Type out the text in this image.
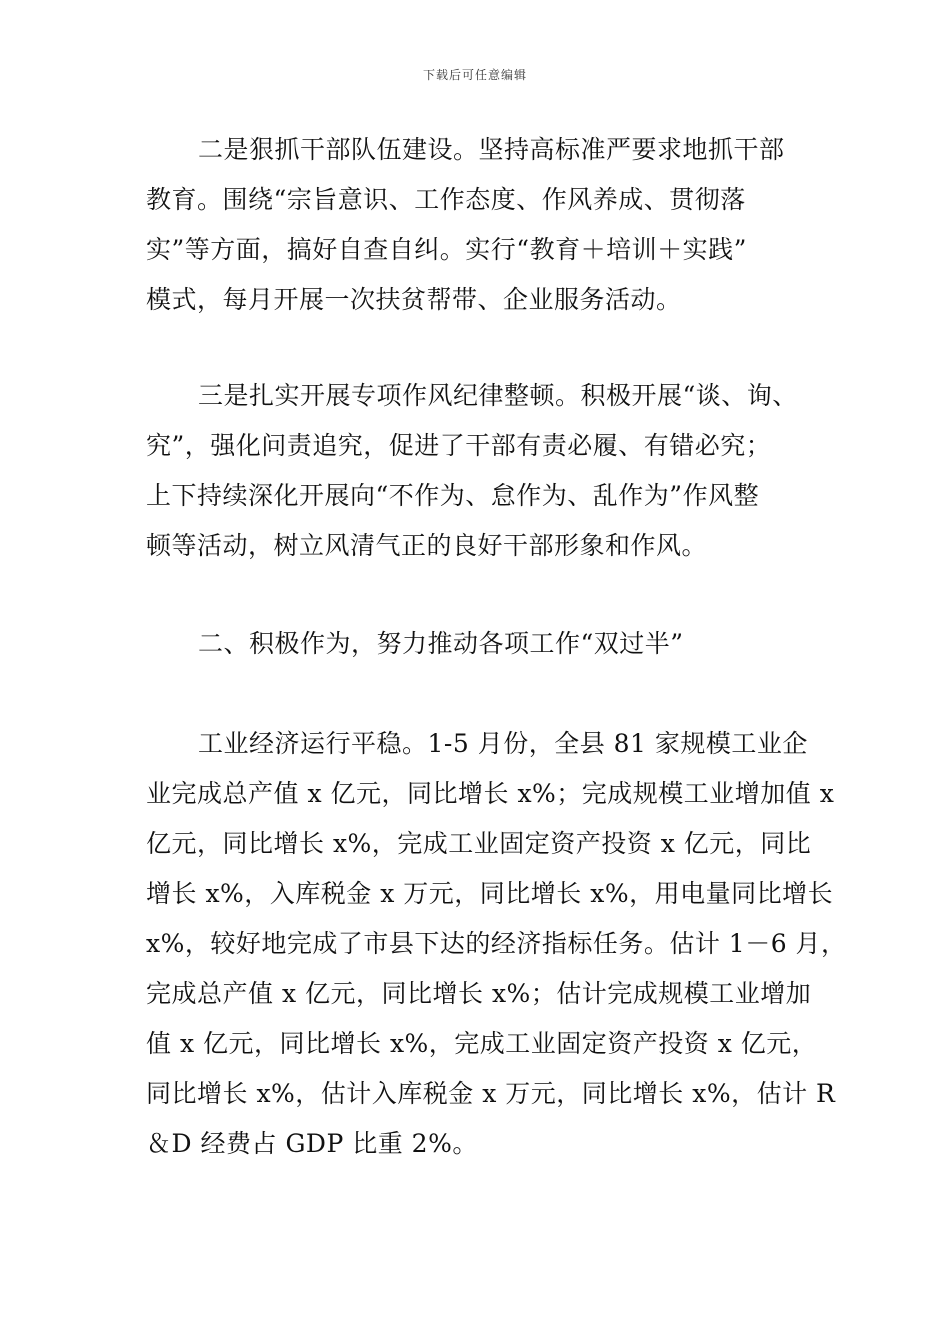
下载后可任意编辑
二是狠抓干部队伍建设。坚持高标准严要求地抓干部
教育。围绕“宗旨意识、工作态度、作风养成、贯彻落
实”等方面，搞好自查自纠。实行“教育＋培训＋实践”
模式，每月开展一次扶贫帮带、企业服务活动。
三是扎实开展专项作风纪律整顿。积极开展“谈、询、
究”，强化问责追究，促进了干部有责必履、有错必究；
上下持续深化开展向“不作为、怠作为、乱作为”作风整
顿等活动，树立风清气正的良好干部形象和作风。
二、积极作为，努力推动各项工作“双过半”
工业经济运行平稳。1-5 月份，全县 81 家规模工业企
业完成总产值 x 亿元，同比增长 x%；完成规模工业增加值 x
亿元，同比增长 x%，完成工业固定资产投资 x 亿元，同比
增长 x%，入库税金 x 万元，同比增长 x%，用电量同比增长
x%，较好地完成了市县下达的经济指标任务。估计 1－6 月，
完成总产值 x 亿元，同比增长 x%；估计完成规模工业增加
值 x 亿元，同比增长 x%，完成工业固定资产投资 x 亿元，
同比增长 x%，估计入库税金 x 万元，同比增长 x%，估计 R
＆D 经费占 GDP 比重 2%。
